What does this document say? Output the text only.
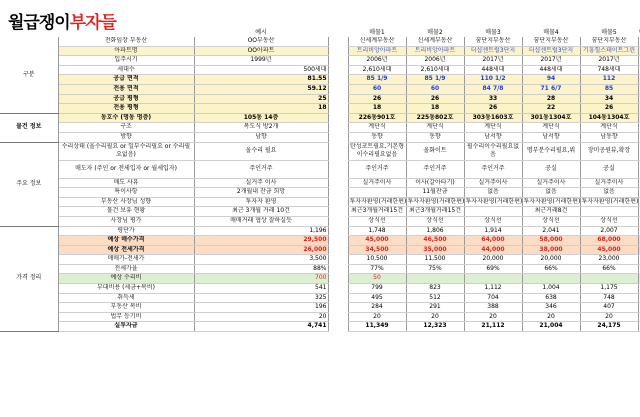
월급쟁이부자들
			예시		매물1	매물2	매물3	매물4	매물5	
구분	전화임장 부동산	OO부동산		신세계부동산	신세계부동산	꿈단지부동산	꿈단지부동산	꿈단지부동산	
	아파트명	OO아파트		트리비앙아파트	트리비앙아파트	더샵센트럴3단지	더샵센트럴3단지	기흥힐스테이트그린	
	입주시기	1999년		2006년	2006년	2017년	2017년	2017년	
	세대수	500세대		2,610세대	2,610세대	448세대	448세대	748세대	
	공급 면적	81.55		85 1/9	85 1/9	110 1/2	94	112	
	전용 면적	59.12		60	60	84 7/8	71 6/7	85	
	공급 평형	25		26	26	33	28	34	
	전용 평형	18		18	18	26	22	26	
물건 정보	동호수 (명동 명층)	105동 14층		226동901호	225동802호	303동1603호	301동1304호	104동1304호	
	구조	복도식 방2개		계단식	계단식	계단식	계단식	계단식	
	방향	남향		동향	동향	남서향	남서향	남동향	
주요 정보	수리상태 (올수리필요 or 일부수리필요 or 수리필요없음)	올수리 필요		탄성코트필요,기본형이수리필요없음	올화이트	필수리이수리필요없음	명부분수리필요,뷔	장미공원뷰,확장	
	매도자 (주인 or 전세입자 or 월세입자)	주인거주		주인거주	주인거주	주인거주	공실	공실	
	매도 사유	실거주 이사		실거주이사	이사(갈아타기)	실거주이사	실거주이사	실거주이사	
	특이사항	2개월내 잔금 희망			11월잔금	없음	없음	없음	
	부동산 사장님 성향	투자자 환영		투자자환영(거래한편)	투자자환영(거래한편)	투자자환영(거래한편)	투자자환영(거래한편)	투자자환영(거래한편)	
	물건 보유 현황	최근 3개월 거래 10건		최근3개월거래15건	최근3개월거래15건		최근거래8건		
	사장님 평가	매매거래 협상 잘하실듯		상식선	상식선	상식선	상식선	상식선	
가격 정리	평단가	1,196		1,748	1,806	1,914	2,041	2,007	
	예상 매수가격	29,500		45,000	46,500	64,000	58,000	68,000	
	예상 전세가격	26,000		34,500	35,000	44,000	38,000	45,000	
	매매가-전세가	3,500		10,500	11,500	20,000	20,000	23,000	
	전세가율	88%		77%	75%	69%	66%	66%	
	예상 수리비	700		50					
	부대비용 (세금+복비)	541		799	823	1,112	1,004	1,175	
	취득세	325		495	512	704	638	748	
	부동산 복비	196		284	291	388	346	407	
	법무 등기비	20		20	20	20	20	20	
	실투자금	4,741		11,349	12,323	21,112	21,004	24,175	
